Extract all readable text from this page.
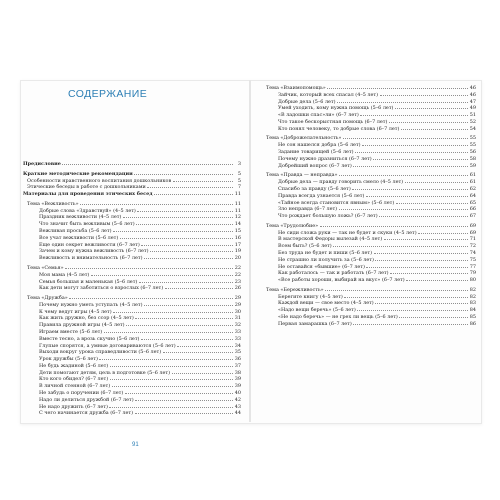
СОДЕРЖАНИЕ
Предисловие	3
Краткие методические рекомендации	5
Особенности нравственного воспитания дошкольников	5
Этические беседы в работе с дошкольниками	7
Материалы для проведения этических бесед	11
Тема «Вежливость»	11
Добрые слова «Здравствуй» (4–5 лет)	11
Праздник вежливости (4–5 лет)	12
Что значит быть вежливым (5–6 лет)	14
Вежливая просьба (5–6 лет)	15
Все учат вежливости (5–6 лет)	16
Еще один секрет вежливости (6–7 лет)	17
Зачем и кому нужна вежливость (6–7 лет)	19
Вежливость и внимательность (6–7 лет)	20
Тема «Семья»	22
Моя мама (4–5 лет)	22
Семья большая и маленькая (5–6 лет)	23
Как дети могут заботиться о взрослых (6–7 лет)	26
Тема «Дружба»	29
Почему нужно уметь уступать (4–5 лет)	29
К чему ведут игры (4–5 лет)	30
Как жить дружно, без ссор (4–5 лет)	31
Правила дружной игры (4–5 лет)	32
Играем вместе (5–6 лет)	33
Вместе тесно, а врозь скучно (5–6 лет)	33
Глупые спорятся, а умные договариваются (5–6 лет)	34
Выходи вокруг урока справедливости (5–6 лет)	35
Урок дружбы (5–6 лет)	36
Не будь жадиной (5–6 лет)	37
Дети помогают детям, цель в подготовке (5–6 лет)	38
Кто кого обидел? (6–7 лет)	39
В личной стенной (6–7 лет)	39
Не забудь о поручении (6–7 лет)	40
Надо ли делиться дружбой (6–7 лет)	42
Не надо дружить (6–7 лет)	43
С чего начинается дружба (6–7 лет)	44
Тема «Взаимопомощь»	46
Зайчик, который всех спасал (4–5 лет)	46
Добрые дела (5–6 лет)	47
Умей уходить, кому нужна помощь (5–6 лет)	49
«В ладошки спас»ли» (6–7 лет)	51
Что такое бескорыстная помощь (6–7 лет)	52
Кто понял человеку, то добрые слова (6–7 лет)	54
Тема «Доброжелательность»	55
Не сон нашелся добра (5–6 лет)	55
Задание товарищей (5–6 лет)	56
Почему нужно дразниться (6–7 лет)	58
Добрейший вопрос (6–7 лет)	59
Тема «Правда — неправда»	61
Добрые дела — правду говорить смело (4–5 лет)	61
Спасибо за правду (5–6 лет)	62
Правда всегда узнается (5–6 лет)	64
«Тайное всегда становится явным» (5–6 лет)	65
Зло неправда (6–7 лет)	66
Что рождает большую ложь? (6–7 лет)	67
Тема «Трудолюбие»	69
Не сиди сложа руки — так не будет и скуки (4–5 лет)	69
В мастерской Федоры вылезай (4–5 лет)	71
Всем быть? (5–6 лет)	72
Без труда не будет и пиши (5–6 лет)	74
Не страшно ли получить за (5–6 лет)	75
Не оставайся «бывшие» (6–7 лет)	77
Как работалось — так и работать (6–7 лет)	79
«Все работы хороши, выбирай на вкус» (6–7 лет)	80
Тема «Бережливость»	82
Берегите книгу (4–5 лет)	82
Каждой вещи — свое место (4–5 лет)	83
«Надо вещи беречь» (5–6 лет)	84
«Не надо беречь» — не грех ли вещь (5–6 лет)	85
Первая замарашка (6–7 лет)	86
91
